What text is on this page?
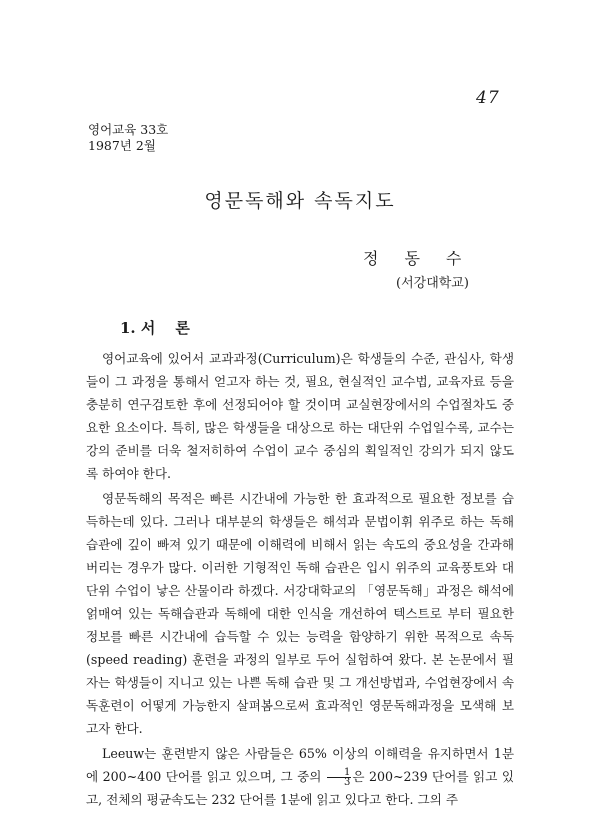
47
영어교육 33호
1987년 2월
영문독해와 속독지도
정동수
(서강대학교)
1. 서론

영어교육에 있어서 교과과정(Curriculum)은 학생들의 수준, 관심사, 학생들이 그 과정을 통해서 얻고자 하는 것, 필요, 현실적인 교수법, 교육자료 등을 충분히 연구검토한 후에 선정되어야 할 것이며 교실현장에서의 수업절차도 중요한 요소이다. 특히, 많은 학생들을 대상으로 하는 대단위 수업일수록, 교수는 강의 준비를 더욱 철저히하여 수업이 교수 중심의 획일적인 강의가 되지 않도록 하여야 한다.

영문독해의 목적은 빠른 시간내에 가능한 한 효과적으로 필요한 정보를 습득하는데 있다. 그러나 대부분의 학생들은 해석과 문법이휘 위주로 하는 독해 습관에 깊이 빠져 있기 때문에 이해력에 비해서 읽는 속도의 중요성을 간과해 버리는 경우가 많다. 이러한 기형적인 독해 습관은 입시 위주의 교육풍토와 대단위 수업이 낳은 산물이라 하겠다. 서강대학교의 「영문독해」과정은 해석에 얽매여 있는 독해습관과 독해에 대한 인식을 개선하여 텍스트로 부터 필요한 정보를 빠른 시간내에 습득할 수 있는 능력을 함양하기 위한 목적으로 속독(speed reading) 훈련을 과정의 일부로 두어 실험하여 왔다. 본 논문에서 필자는 학생들이 지니고 있는 나쁜 독해 습관 및 그 개선방법과, 수업현장에서 속독훈련이 어떻게 가능한지 살펴봄으로써 효과적인 영문독해과정을 모색해 보고자 한다.

Leeuw는 훈련받지 않은 사람들은 65% 이상의 이해력을 유지하면서 1분에 200~400 단어를 읽고 있으며, 그 중의 $\frac{1}{3}$ 은 200~239 단어를 읽고 있고, 전체의 평균속도는 232 단어를 1분에 읽고 있다고 한다. 그의 주
